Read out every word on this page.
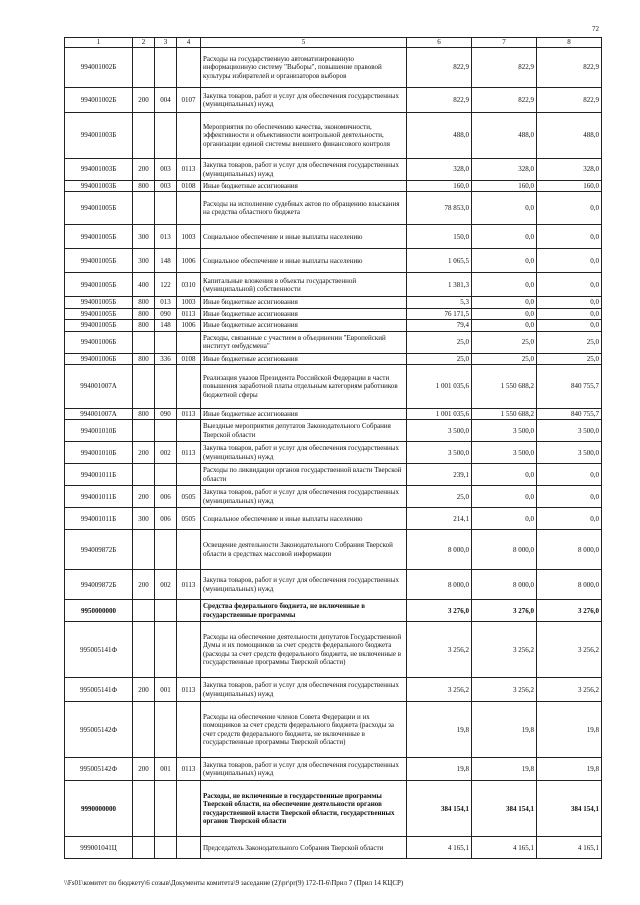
72
1	2	3	4	5	6	7	8
994001002Б				Расходы на государственную автоматизированную информационную систему "Выборы", повышение правовой культуры избирателей и организаторов выборов	822,9	822,9	822,9
994001002Б	200	004	0107	Закупка товаров, работ и услуг для обеспечения государственных (муниципальных) нужд	822,9	822,9	822,9
994001003Б				Мероприятия по обеспечению качества, экономичности, эффективности и объективности контрольной деятельности, организации единой системы внешнего финансового контроля	488,0	488,0	488,0
994001003Б	200	003	0113	Закупка товаров, работ и услуг для обеспечения государственных (муниципальных) нужд	328,0	328,0	328,0
994001003Б	800	003	0108	Иные бюджетные ассигнования	160,0	160,0	160,0
994001005Б				Расходы на исполнение судебных актов по обращению взыскания на средства областного бюджета	78 853,0	0,0	0,0
994001005Б	300	013	1003	Социальное обеспечение и иные выплаты населению	150,0	0,0	0,0
994001005Б	300	148	1006	Социальное обеспечение и иные выплаты населению	1 065,5	0,0	0,0
994001005Б	400	122	0310	Капитальные вложения в объекты государственной (муниципальной) собственности	1 381,3	0,0	0,0
994001005Б	800	013	1003	Иные бюджетные ассигнования	5,3	0,0	0,0
994001005Б	800	090	0113	Иные бюджетные ассигнования	76 171,5	0,0	0,0
994001005Б	800	148	1006	Иные бюджетные ассигнования	79,4	0,0	0,0
994001006Б				Расходы, связанные с участием в объединении "Европейский институт омбудсмена"	25,0	25,0	25,0
994001006Б	800	336	0108	Иные бюджетные ассигнования	25,0	25,0	25,0
994001007А				Реализация указов Президента Российской Федерации в части повышения заработной платы отдельным категориям работников бюджетной сферы	1 001 035,6	1 550 688,2	840 755,7
994001007А	800	090	0113	Иные бюджетные ассигнования	1 001 035,6	1 550 688,2	840 755,7
994001010Б				Выездные мероприятия депутатов Законодательного Собрания Тверской области	3 500,0	3 500,0	3 500,0
994001010Б	200	002	0113	Закупка товаров, работ и услуг для обеспечения государственных (муниципальных) нужд	3 500,0	3 500,0	3 500,0
994001011Б				Расходы по ликвидации органов государственной власти Тверской области	239,1	0,0	0,0
994001011Б	200	006	0505	Закупка товаров, работ и услуг для обеспечения государственных (муниципальных) нужд	25,0	0,0	0,0
994001011Б	300	006	0505	Социальное обеспечение и иные выплаты населению	214,1	0,0	0,0
994009872Б				Освещение деятельности Законодательного Собрания Тверской области в средствах массовой информации	8 000,0	8 000,0	8 000,0
994009872Б	200	002	0113	Закупка товаров, работ и услуг для обеспечения государственных (муниципальных) нужд	8 000,0	8 000,0	8 000,0
9950000000				Средства федерального бюджета, не включенные в государственные программы	3 276,0	3 276,0	3 276,0
995005141Ф				Расходы на обеспечение деятельности депутатов Государственной Думы и их помощников за счет средств федерального бюджета (расходы за счет средств федерального бюджета, не включенные в государственные программы Тверской области)	3 256,2	3 256,2	3 256,2
995005141Ф	200	001	0113	Закупка товаров, работ и услуг для обеспечения государственных (муниципальных) нужд	3 256,2	3 256,2	3 256,2
995005142Ф				Расходы на обеспечение членов Совета Федерации и их помощников за счет средств федерального бюджета (расходы за счет средств федерального бюджета, не включенные в государственные программы Тверской области)	19,8	19,8	19,8
995005142Ф	200	001	0113	Закупка товаров, работ и услуг для обеспечения государственных (муниципальных) нужд	19,8	19,8	19,8
9990000000				Расходы, не включенные в государственные программы Тверской области, на обеспечение деятельности органов государственной власти Тверской области, государственных органов Тверской области	384 154,1	384 154,1	384 154,1
999001041Ц				Председатель Законодательного Собрания Тверской области	4 165,1	4 165,1	4 165,1
\\Fs01\комитет по бюджету\6 созыв\Документы комитета\9 заседание (2)\pr\pr(9) 172-П-6\Прил 7 (Прил 14 КЦСР)
